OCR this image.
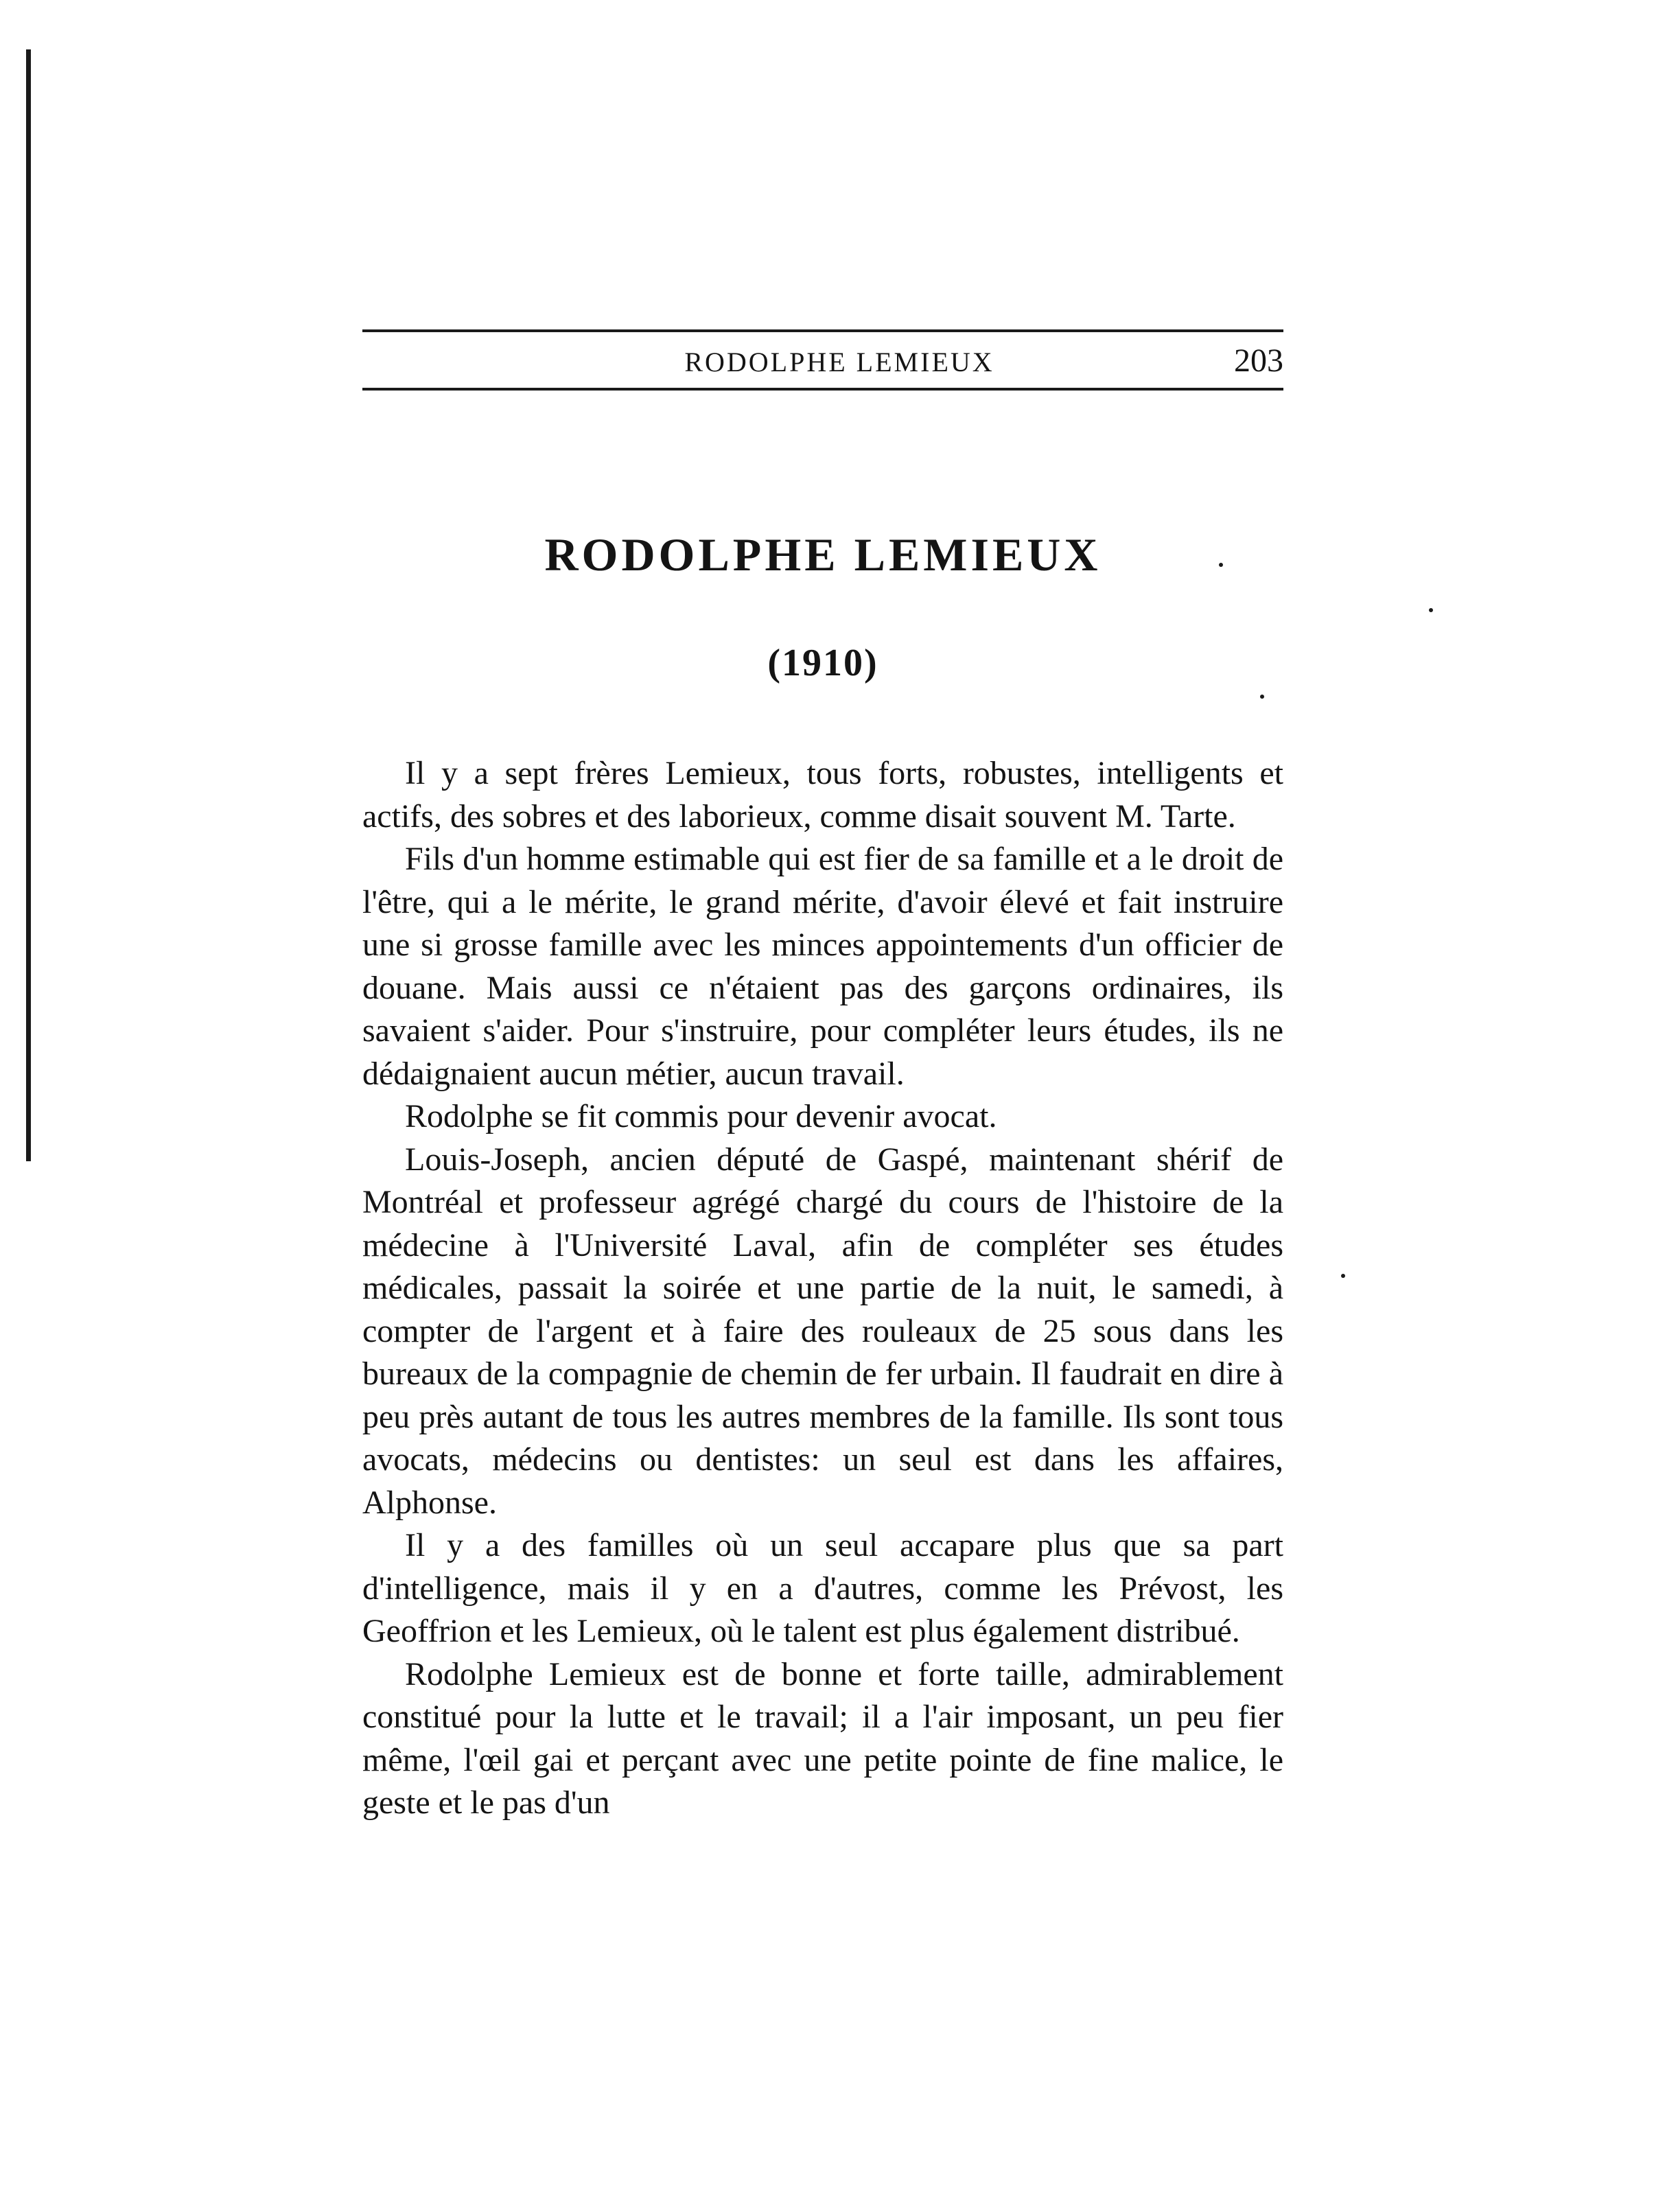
RODOLPHE LEMIEUX	203
RODOLPHE LEMIEUX
(1910)

Il y a sept frères Lemieux, tous forts, robustes, intelligents et actifs, des sobres et des laborieux, comme disait souvent M. Tarte.

Fils d'un homme estimable qui est fier de sa famille et a le droit de l'être, qui a le mérite, le grand mérite, d'avoir élevé et fait instruire une si grosse famille avec les minces appointements d'un officier de douane. Mais aussi ce n'étaient pas des garçons ordinaires, ils savaient s'aider. Pour s'instruire, pour compléter leurs études, ils ne dédaignaient aucun métier, aucun travail.

Rodolphe se fit commis pour devenir avocat.

Louis-Joseph, ancien député de Gaspé, maintenant shérif de Montréal et professeur agrégé chargé du cours de l'histoire de la médecine à l'Université Laval, afin de compléter ses études médicales, passait la soirée et une partie de la nuit, le samedi, à compter de l'argent et à faire des rouleaux de 25 sous dans les bureaux de la compagnie de chemin de fer urbain. Il faudrait en dire à peu près autant de tous les autres membres de la famille. Ils sont tous avocats, médecins ou dentistes: un seul est dans les affaires, Alphonse.

Il y a des familles où un seul accapare plus que sa part d'intelligence, mais il y en a d'autres, comme les Prévost, les Geoffrion et les Lemieux, où le talent est plus également distribué.

Rodolphe Lemieux est de bonne et forte taille, admirablement constitué pour la lutte et le travail; il a l'air imposant, un peu fier même, l'œil gai et perçant avec une petite pointe de fine malice, le geste et le pas d'un
